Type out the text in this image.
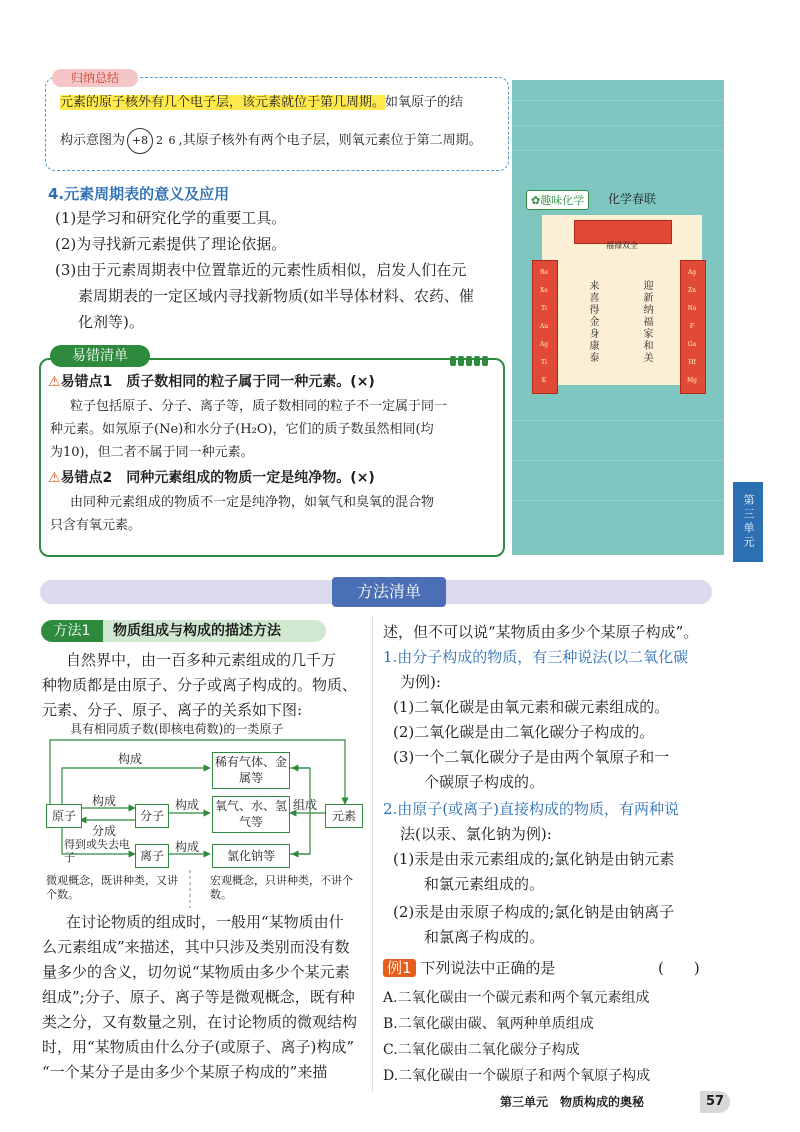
归纳总结
元素的原子核外有几个电子层，该元素就位于第几周期。如氧原子的结
构示意图为 +8 2 6 ,其原子核外有两个电子层，则氧元素位于第二周期。
4.元素周期表的意义及应用
(1)是学习和研究化学的重要工具。
(2)为寻找新元素提供了理论依据。
(3)由于元素周期表中位置靠近的元素性质相似，启发人们在元
素周期表的一定区域内寻找新物质(如半导体材料、农药、催
化剂等)。
✿趣味化学	化学春联
福禄双全
Re
Xe
Ti
Au
Ag
Ti
K
Ag
Zn
Na
F
Ga
Hf
Mg
来喜得金身康泰	迎新纳福家和美
易错清单
⚠易错点1　质子数相同的粒子属于同一种元素。(×)
粒子包括原子、分子、离子等，质子数相同的粒子不一定属于同一
种元素。如氖原子(Ne)和水分子(H₂O)，它们的质子数虽然相同(均
为10)，但二者不属于同一种元素。
⚠易错点2　同种元素组成的物质一定是纯净物。(×)
由同种元素组成的物质不一定是纯净物，如氧气和臭氧的混合物
只含有氧元素。	第三单元
方法清单
方法1	物质组成与构成的描述方法
自然界中，由一百多种元素组成的几千万
种物质都是由原子、分子或离子构成的。物质、
元素、分子、原子、离子的关系如下图:
具有相同质子数(即核电荷数)的一类原子
原子	分子
离子
元素
稀有气体、金属等
氧气、水、氢气等
氯化钠等
构成
构成
分成
构成
构成
组成
得到或失去电子
微观概念，既讲种类，又讲个数。
宏观概念，只讲种类，不讲个数。
在讨论物质的组成时，一般用“某物质由什
么元素组成”来描述，其中只涉及类别而没有数
量多少的含义，切勿说“某物质由多少个某元素
组成”;分子、原子、离子等是微观概念，既有种
类之分，又有数量之别，在讨论物质的微观结构
时，用“某物质由什么分子(或原子、离子)构成”
“一个某分子是由多少个某原子构成的”来描
述，但不可以说“某物质由多少个某原子构成”。
1.由分子构成的物质，有三种说法(以二氧化碳
为例):
(1)二氧化碳是由氧元素和碳元素组成的。
(2)二氧化碳是由二氧化碳分子构成的。
(3)一个二氧化碳分子是由两个氧原子和一
个碳原子构成的。
2.由原子(或离子)直接构成的物质，有两种说
法(以汞、氯化钠为例):
(1)汞是由汞元素组成的;氯化钠是由钠元素
和氯元素组成的。
(2)汞是由汞原子构成的;氯化钠是由钠离子
和氯离子构成的。
例1 下列说法中正确的是	(　　)
A.二氧化碳由一个碳元素和两个氧元素组成
B.二氧化碳由碳、氧两种单质组成
C.二氧化碳由二氧化碳分子构成
D.二氧化碳由一个碳原子和两个氧原子构成
第三单元　物质构成的奥秘	57
